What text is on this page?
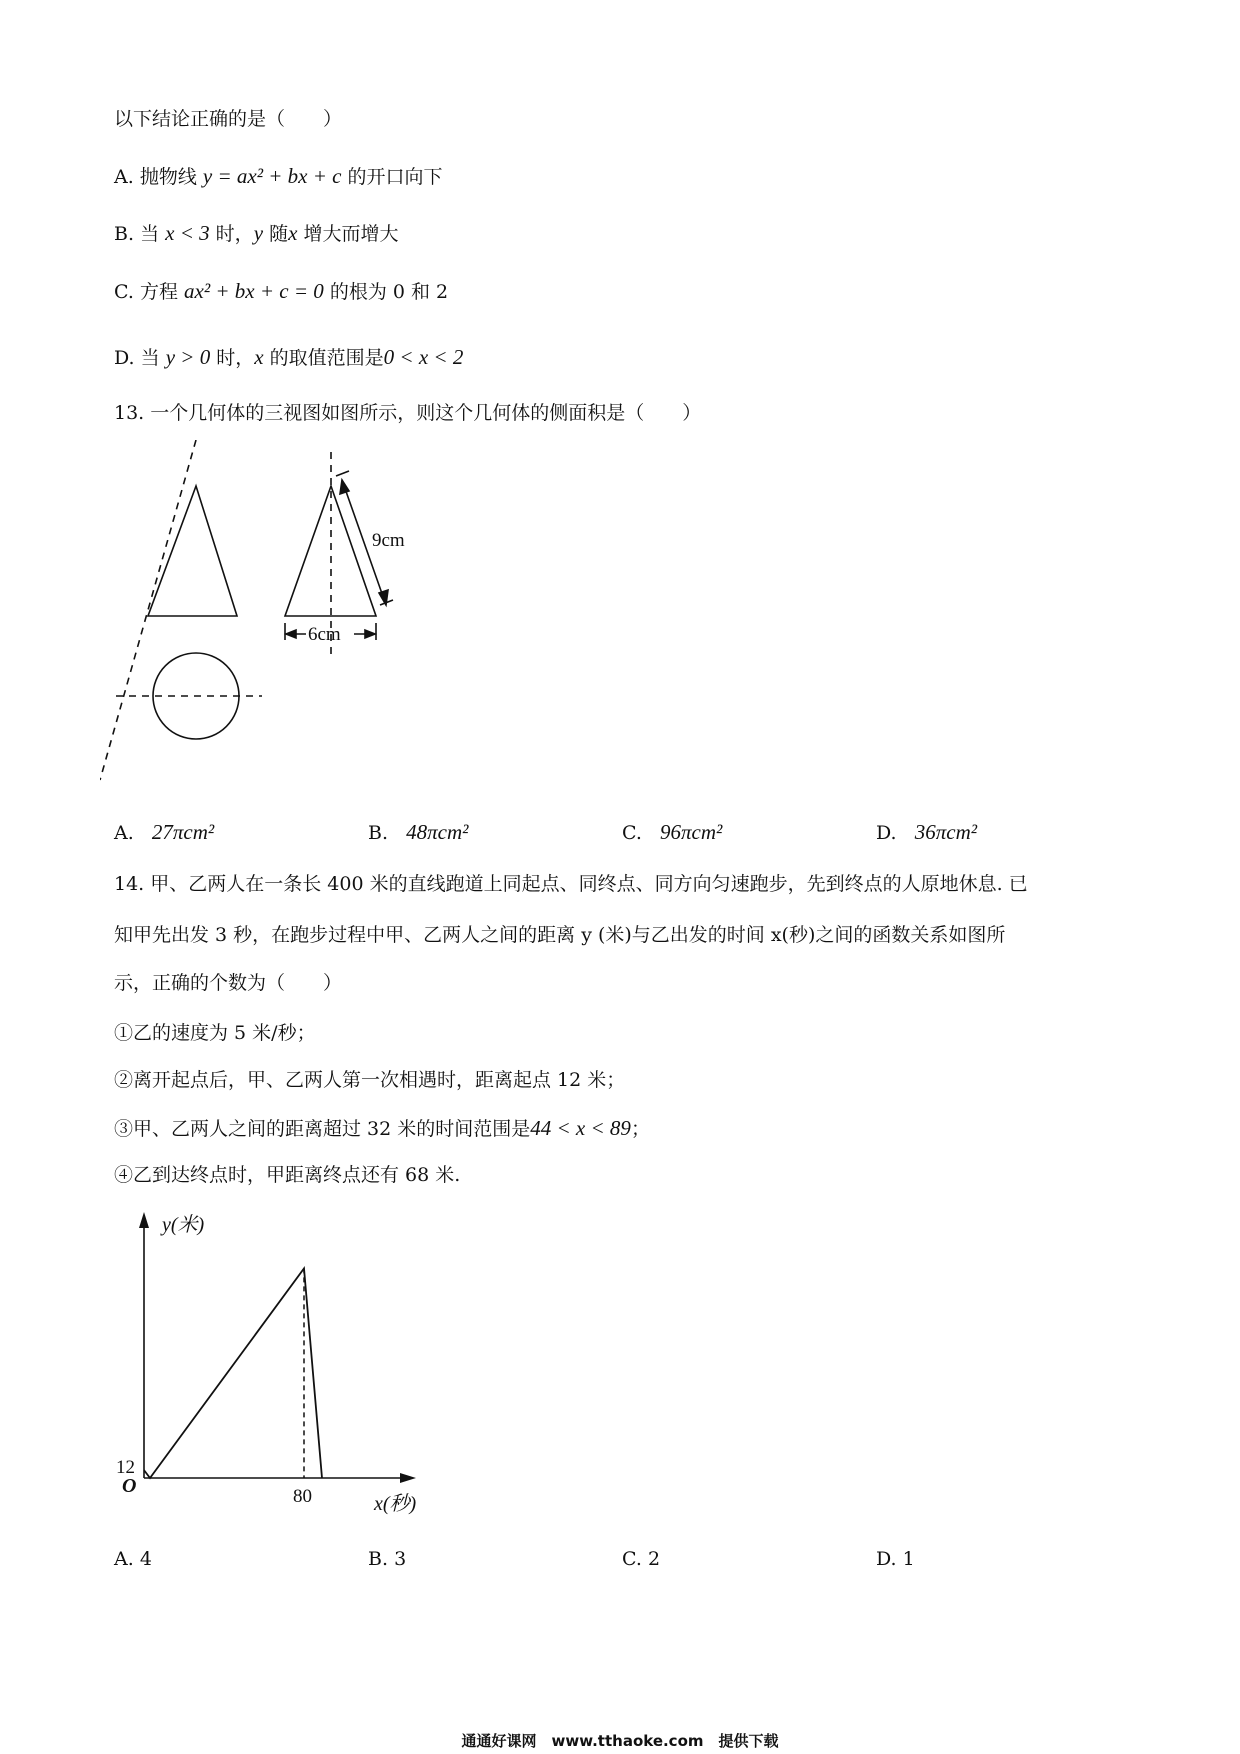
以下结论正确的是（　　）
A. 抛物线 y = ax² + bx + c 的开口向下
B. 当 x < 3 时，y 随x 增大而增大
C. 方程 ax² + bx + c = 0 的根为 0 和 2
D. 当 y > 0 时，x 的取值范围是0 < x < 2
13. 一个几何体的三视图如图所示，则这个几何体的侧面积是（　　）
9cm
6cm
A. 27πcm²	B. 48πcm²	C. 96πcm²	D. 36πcm²
14. 甲、乙两人在一条长 400 米的直线跑道上同起点、同终点、同方向匀速跑步，先到终点的人原地休息. 已
知甲先出发 3 秒，在跑步过程中甲、乙两人之间的距离 y (米)与乙出发的时间 x(秒)之间的函数关系如图所
示，正确的个数为（　　）
①乙的速度为 5 米/秒；
②离开起点后，甲、乙两人第一次相遇时，距离起点 12 米；
③甲、乙两人之间的距离超过 32 米的时间范围是44 < x < 89；
④乙到达终点时，甲距离终点还有 68 米.
80
12
y(米)
x(秒)
O
A. 4	B. 3	C. 2	D. 1
通通好课网　www.tthaoke.com　提供下载
